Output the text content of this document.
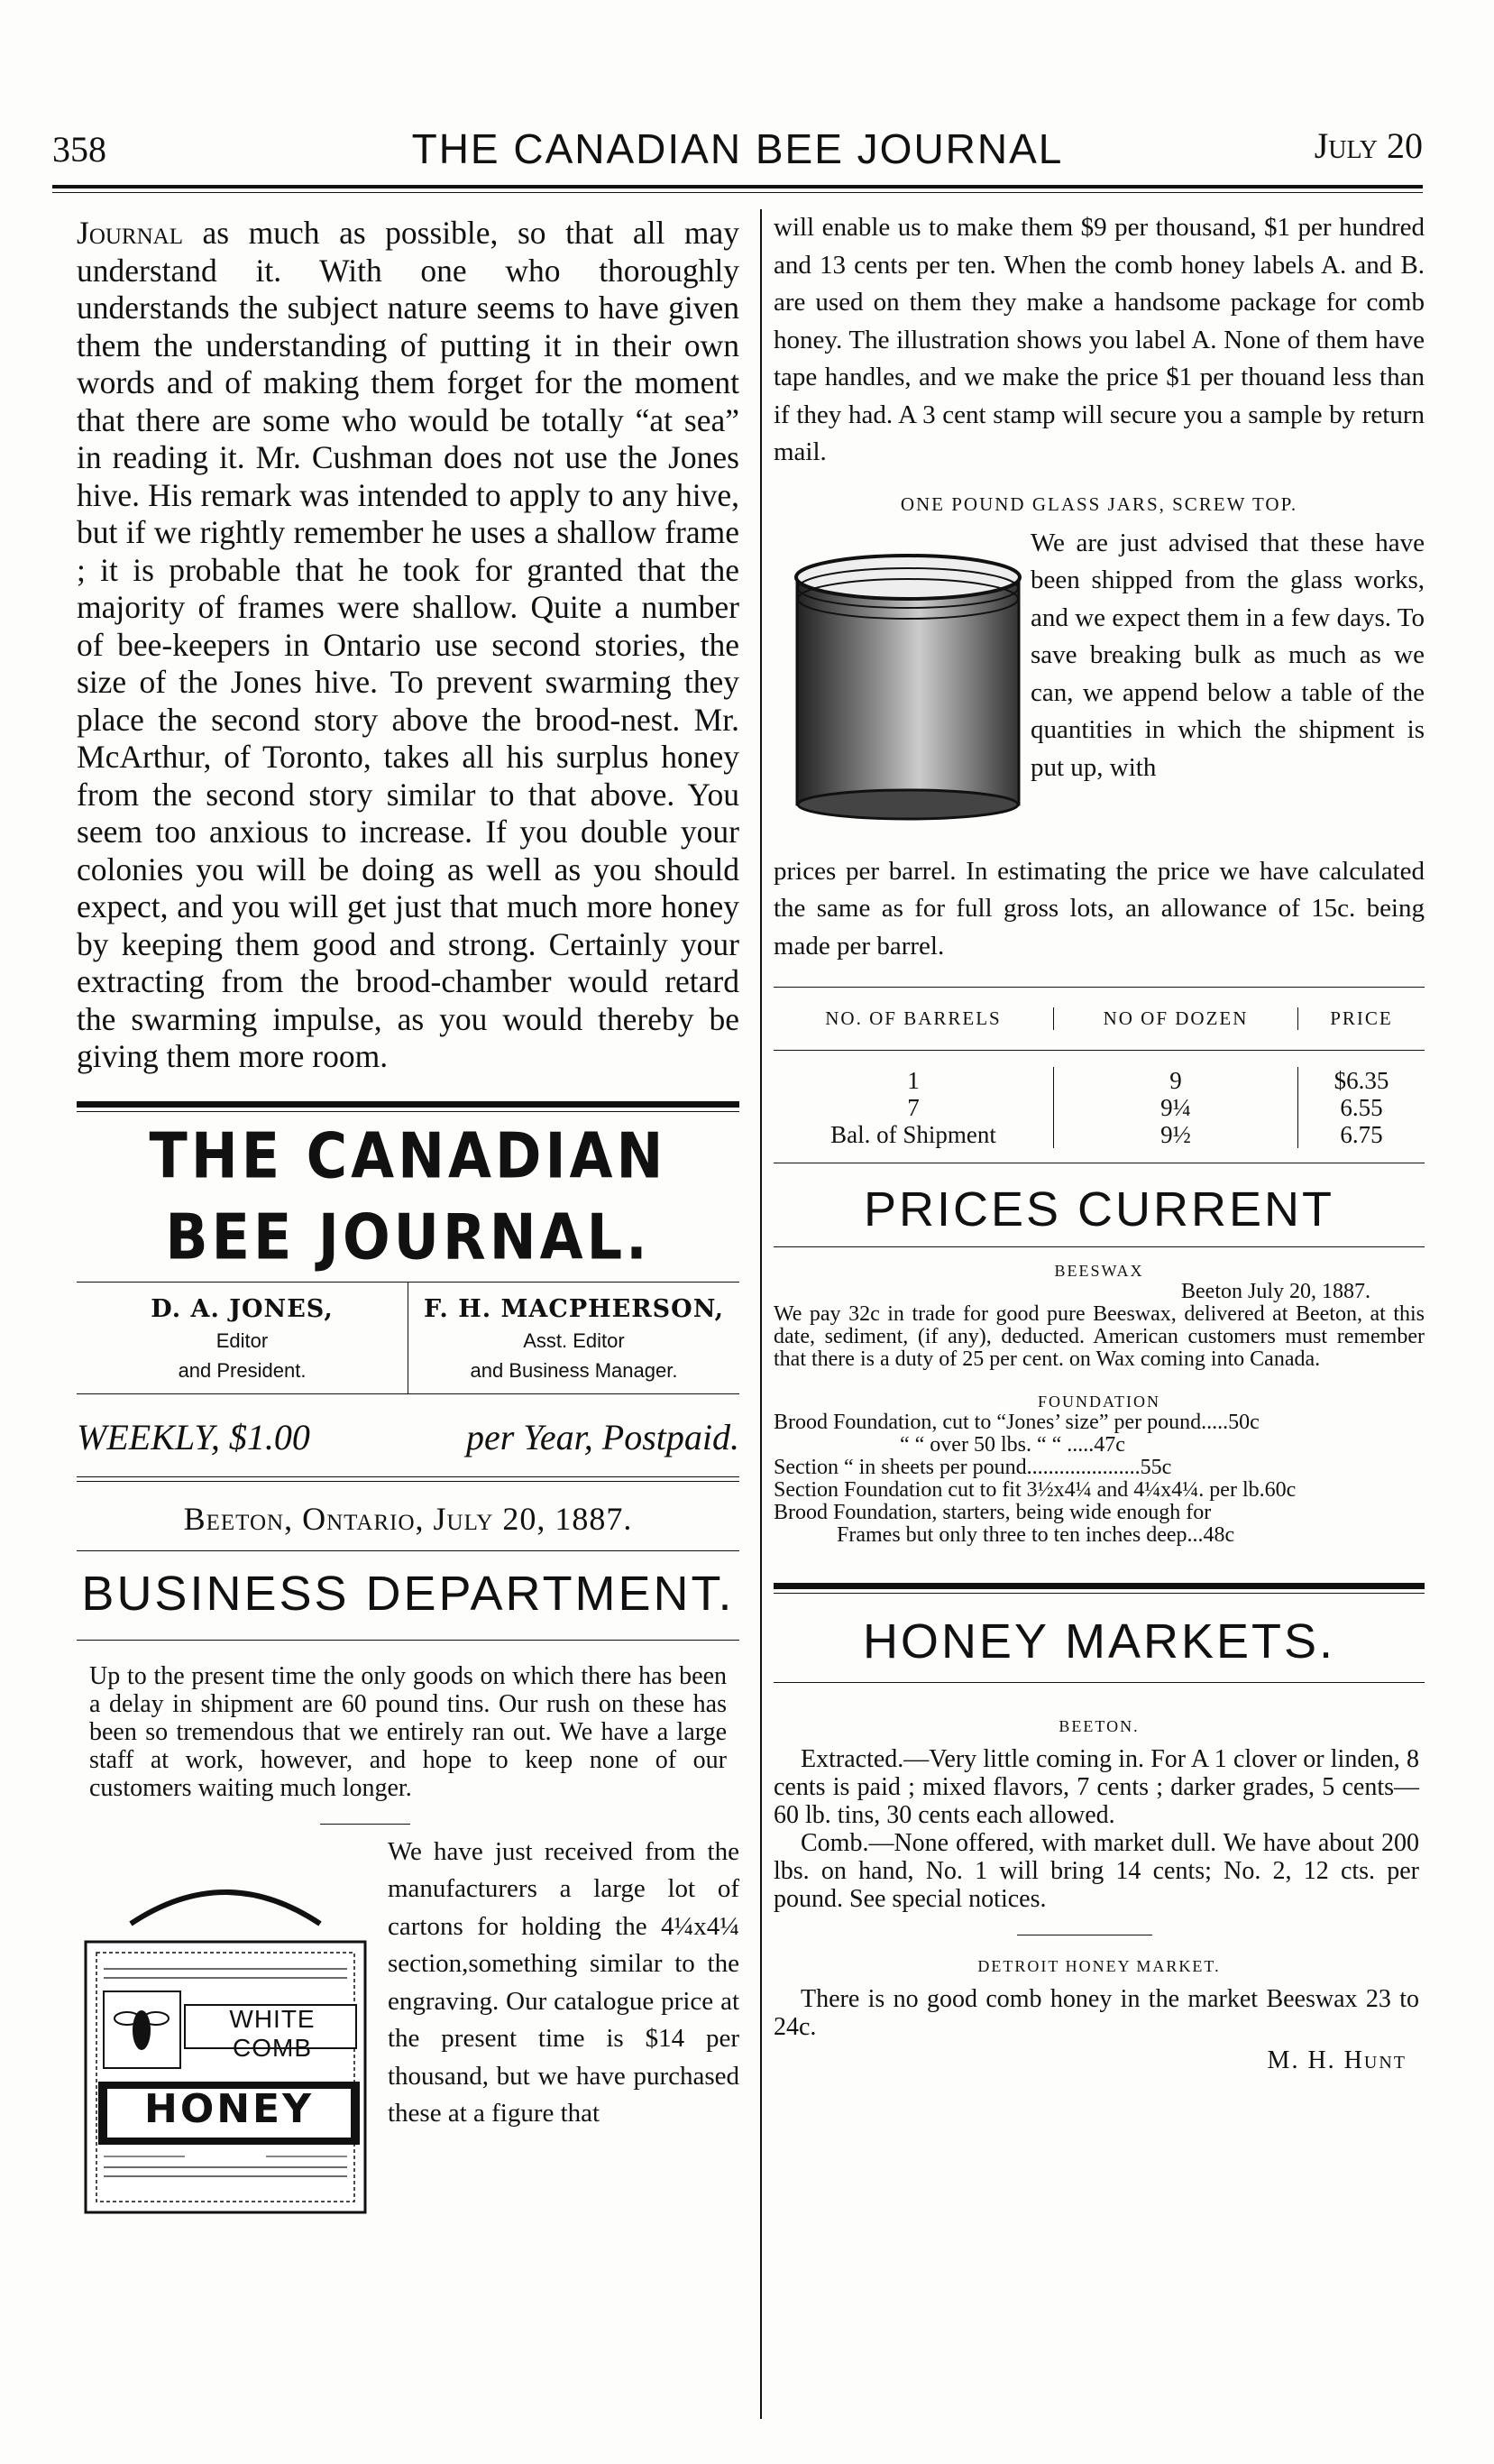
358	THE CANADIAN BEE JOURNAL	July 20

Journal as much as possible, so that all may understand it. With one who thoroughly understands the subject nature seems to have given them the understanding of putting it in their own words and of making them forget for the moment that there are some who would be totally “at sea” in reading it. Mr. Cushman does not use the Jones hive. His remark was intended to apply to any hive, but if we rightly remember he uses a shallow frame ; it is probable that he took for granted that the majority of frames were shallow. Quite a number of bee-keepers in Ontario use second stories, the size of the Jones hive. To prevent swarming they place the second story above the brood-nest. Mr. McArthur, of Toronto, takes all his surplus honey from the second story similar to that above. You seem too anxious to increase. If you double your colonies you will be doing as well as you should expect, and you will get just that much more honey by keeping them good and strong. Certainly your extracting from the brood-chamber would retard the swarming impulse, as you would thereby be giving them more room.

THE CANADIAN BEE JOURNAL.

D. A. JONES,
Editor
and President.
F. H. MACPHERSON,
Asst. Editor
and Business Manager.

WEEKLY, $1.00	per Year, Postpaid.

Beeton, Ontario, July 20, 1887.

BUSINESS DEPARTMENT.

Up to the present time the only goods on which there has been a delay in shipment are 60 pound tins. Our rush on these has been so tremendous that we entirely ran out. We have a large staff at work, however, and hope to keep none of our customers waiting much longer.

WHITE COMB
HONEY

We have just received from the manufacturers a large lot of cartons for holding the 4¼x4¼ section,something similar to the engraving. Our catalogue price at the present time is $14 per thousand, but we have purchased these at a figure that

will enable us to make them $9 per thousand, $1 per hundred and 13 cents per ten. When the comb honey labels A. and B. are used on them they make a handsome package for comb honey. The illustration shows you label A. None of them have tape handles, and we make the price $1 per thouand less than if they had. A 3 cent stamp will secure you a sample by return mail.

ONE POUND GLASS JARS, SCREW TOP.

We are just advised that these have been shipped from the glass works, and we expect them in a few days. To save breaking bulk as much as we can, we append below a table of the quantities in which the shipment is put up, with

prices per barrel. In estimating the price we have calculated the same as for full gross lots, an allowance of 15c. being made per barrel.

NO. OF BARRELS	NO OF DOZEN	PRICE
1	9	$6.35
7	9¼	6.55
Bal. of Shipment	9½	6.75

PRICES CURRENT

BEESWAX

Beeton July 20, 1887.

We pay 32c in trade for good pure Beeswax, delivered at Beeton, at this date, sediment, (if any), deducted. American customers must remember that there is a duty of 25 per cent. on Wax coming into Canada.

FOUNDATION

Brood Foundation, cut to “Jones’ size” per pound.....50c

“ “ over 50 lbs. “ “ .....47c

Section “ in sheets per pound.....................55c

Section Foundation cut to fit 3½x4¼ and 4¼x4¼. per lb.60c

Brood Foundation, starters, being wide enough for

Frames but only three to ten inches deep...48c

HONEY MARKETS.

BEETON.

Extracted.—Very little coming in. For A 1 clover or linden, 8 cents is paid ; mixed flavors, 7 cents ; darker grades, 5 cents—60 lb. tins, 30 cents each allowed.

Comb.—None offered, with market dull. We have about 200 lbs. on hand, No. 1 will bring 14 cents; No. 2, 12 cts. per pound. See special notices.

DETROIT HONEY MARKET.

There is no good comb honey in the market Beeswax 23 to 24c.

M. H. Hunt
